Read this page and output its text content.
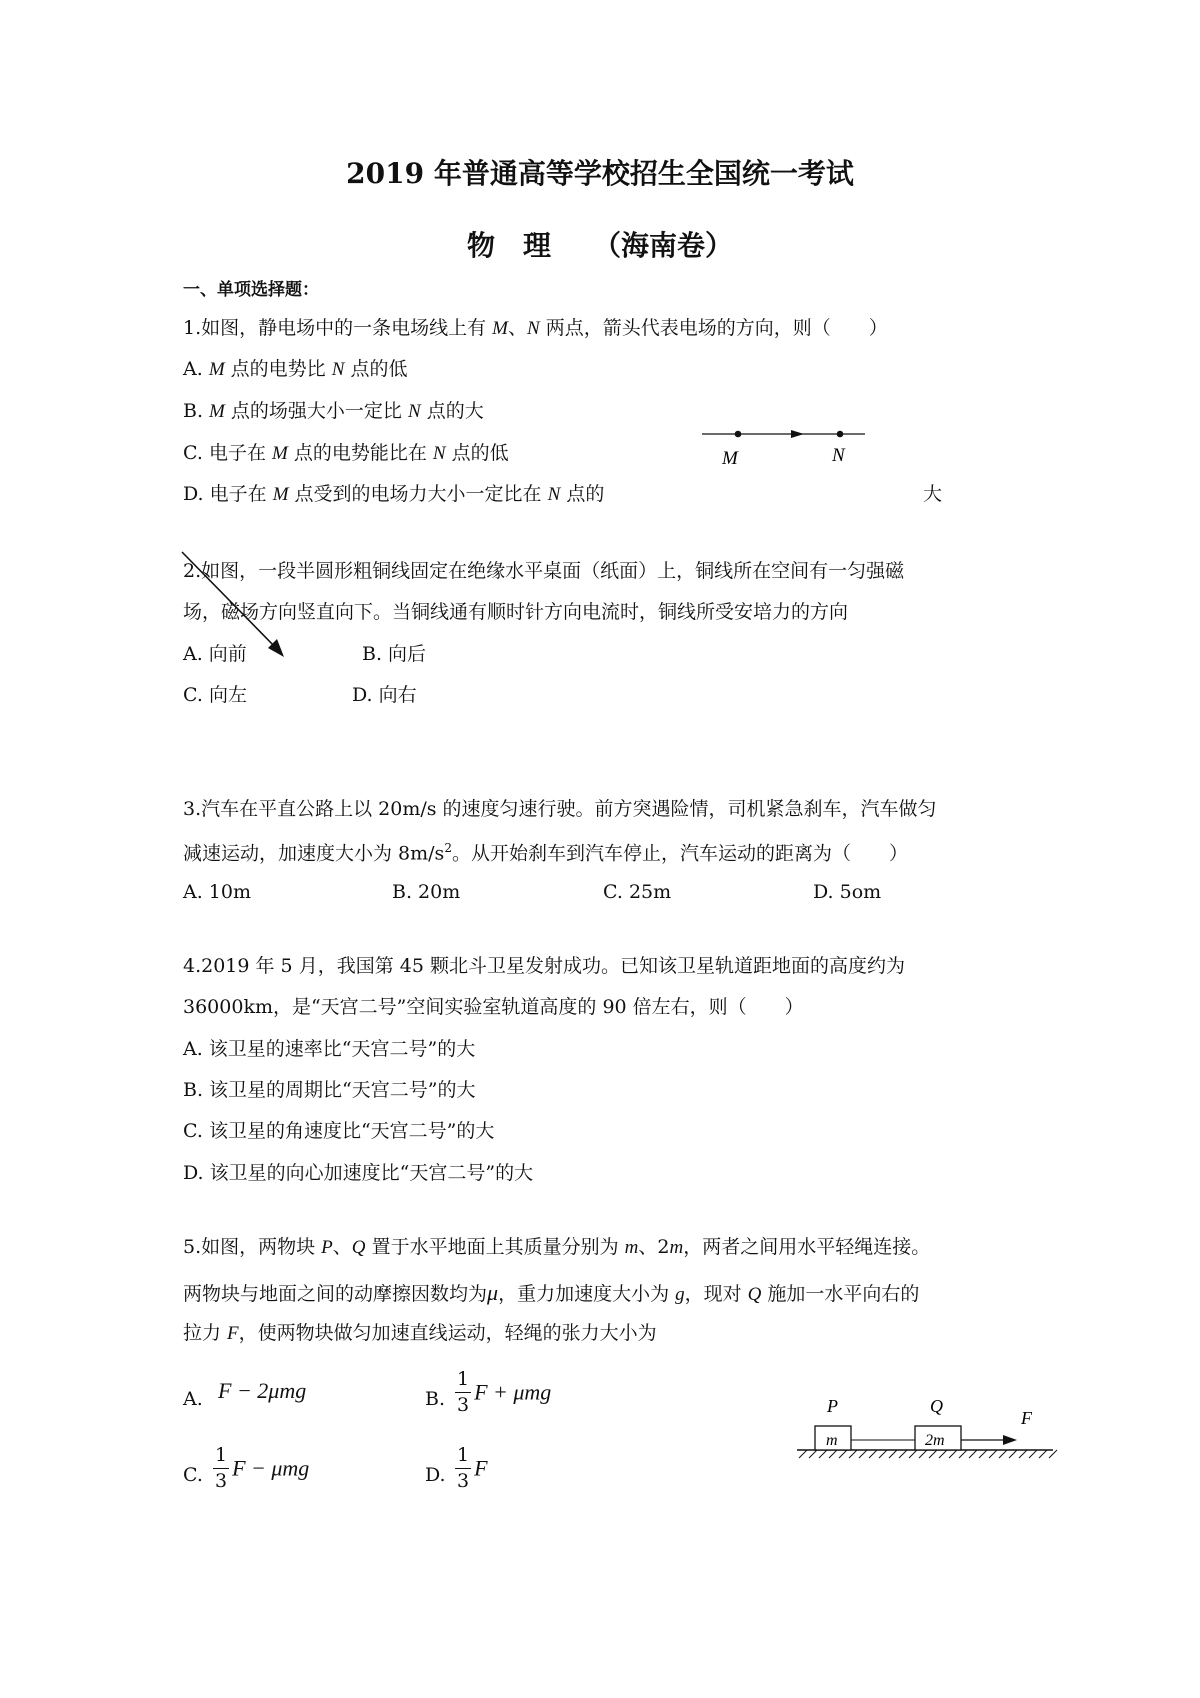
2019 年普通高等学校招生全国统一考试
物　理 （海南卷）
一、单项选择题：
1.如图，静电场中的一条电场线上有 M、N 两点，箭头代表电场的方向，则（　　）
A. M 点的电势比 N 点的低
B. M 点的场强大小一定比 N 点的大
C. 电子在 M 点的电势能比在 N 点的低
D. 电子在 M 点受到的电场力大小一定比在 N 点的	大
M	N
2.如图，一段半圆形粗铜线固定在绝缘水平桌面（纸面）上，铜线所在空间有一匀强磁
场，磁场方向竖直向下。当铜线通有顺时针方向电流时，铜线所受安培力的方向
A. 向前	B. 向后
C. 向左	D. 向右
3.汽车在平直公路上以 20m/s 的速度匀速行驶。前方突遇险情，司机紧急刹车，汽车做匀
减速运动，加速度大小为 $8m/s^2$。从开始刹车到汽车停止，汽车运动的距离为（　　）
A. 10m	B. 20m	C. 25m	D. 5om
4.2019 年 5 月，我国第 45 颗北斗卫星发射成功。已知该卫星轨道距地面的高度约为
36000km，是“天宫二号”空间实验室轨道高度的 90 倍左右，则（　　）
A. 该卫星的速率比“天宫二号”的大
B. 该卫星的周期比“天宫二号”的大
C. 该卫星的角速度比“天宫二号”的大
D. 该卫星的向心加速度比“天宫二号”的大
5.如图，两物块 P、Q 置于水平地面上其质量分别为 m、2m，两者之间用水平轻绳连接。
两物块与地面之间的动摩擦因数均为μ，重力加速度大小为 g，现对 Q 施加一水平向右的
拉力 F，使两物块做匀加速直线运动，轻绳的张力大小为
A. F − 2μmg	B. $\frac{1}{3}$ F + μmg
C. $\frac{1}{3}$ F − μmg	D. $\frac{1}{3}$ F
P	Q
F
m	2m
